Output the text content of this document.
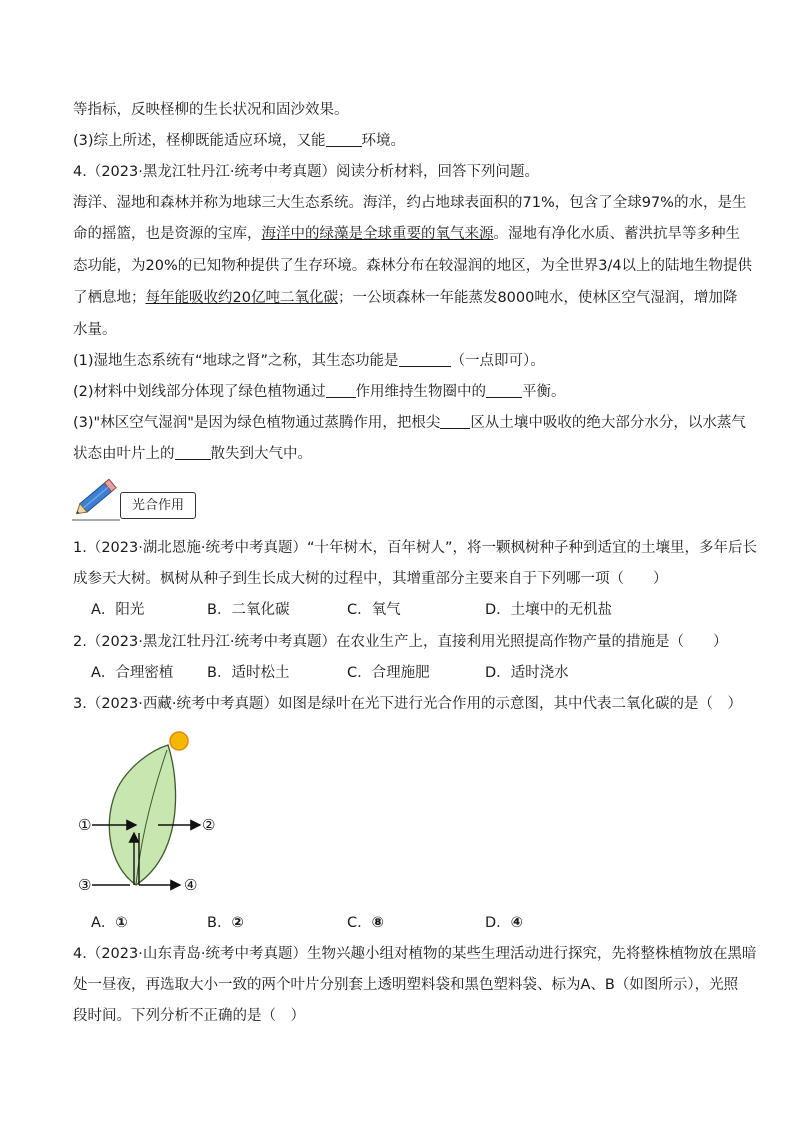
等指标，反映柽柳的生长状况和固沙效果。
(3)综上所述，柽柳既能适应环境，又能 环境。
4.（2023·黑龙江牡丹江·统考中考真题）阅读分析材料，回答下列问题。
海洋、湿地和森林并称为地球三大生态系统。海洋，约占地球表面积的71%，包含了全球97%的水，是生
命的摇篮，也是资源的宝库，海洋中的绿藻是全球重要的氧气来源。湿地有净化水质、蓄洪抗旱等多种生
态功能，为20%的已知物种提供了生存环境。森林分布在较湿润的地区，为全世界3/4以上的陆地生物提供
了栖息地；每年能吸收约20亿吨二氧化碳；一公顷森林一年能蒸发8000吨水，使林区空气湿润，增加降
水量。
(1)湿地生态系统有“地球之肾”之称，其生态功能是	（一点即可）。
(2)材料中划线部分体现了绿色植物通过 作用维持生物圈中的 平衡。
(3)"林区空气湿润"是因为绿色植物通过蒸腾作用，把根尖 区从土壤中吸收的绝大部分水分，以水蒸气
状态由叶片上的 散失到大气中。
光合作用
1.（2023·湖北恩施·统考中考真题）“十年树木，百年树人”，将一颗枫树种子种到适宜的土壤里，多年后长
成参天大树。枫树从种子到生长成大树的过程中，其增重部分主要来自于下列哪一项（　　）
A．阳光	B．二氧化碳	C．氧气	D．土壤中的无机盐
2.（2023·黑龙江牡丹江·统考中考真题）在农业生产上，直接利用光照提高作物产量的措施是（　　）
A．合理密植 B．适时松土	C．合理施肥	D．适时浇水
3.（2023·西藏·统考中考真题）如图是绿叶在光下进行光合作用的示意图，其中代表二氧化碳的是（　）
①	②
③	④
A．①	B．②	C．⑧	D．④
4.（2023·山东青岛·统考中考真题）生物兴趣小组对植物的某些生理活动进行探究，先将整株植物放在黑暗
处一昼夜，再选取大小一致的两个叶片分别套上透明塑料袋和黑色塑料袋、标为A、B（如图所示），光照
段时间。下列分析不正确的是（　）
